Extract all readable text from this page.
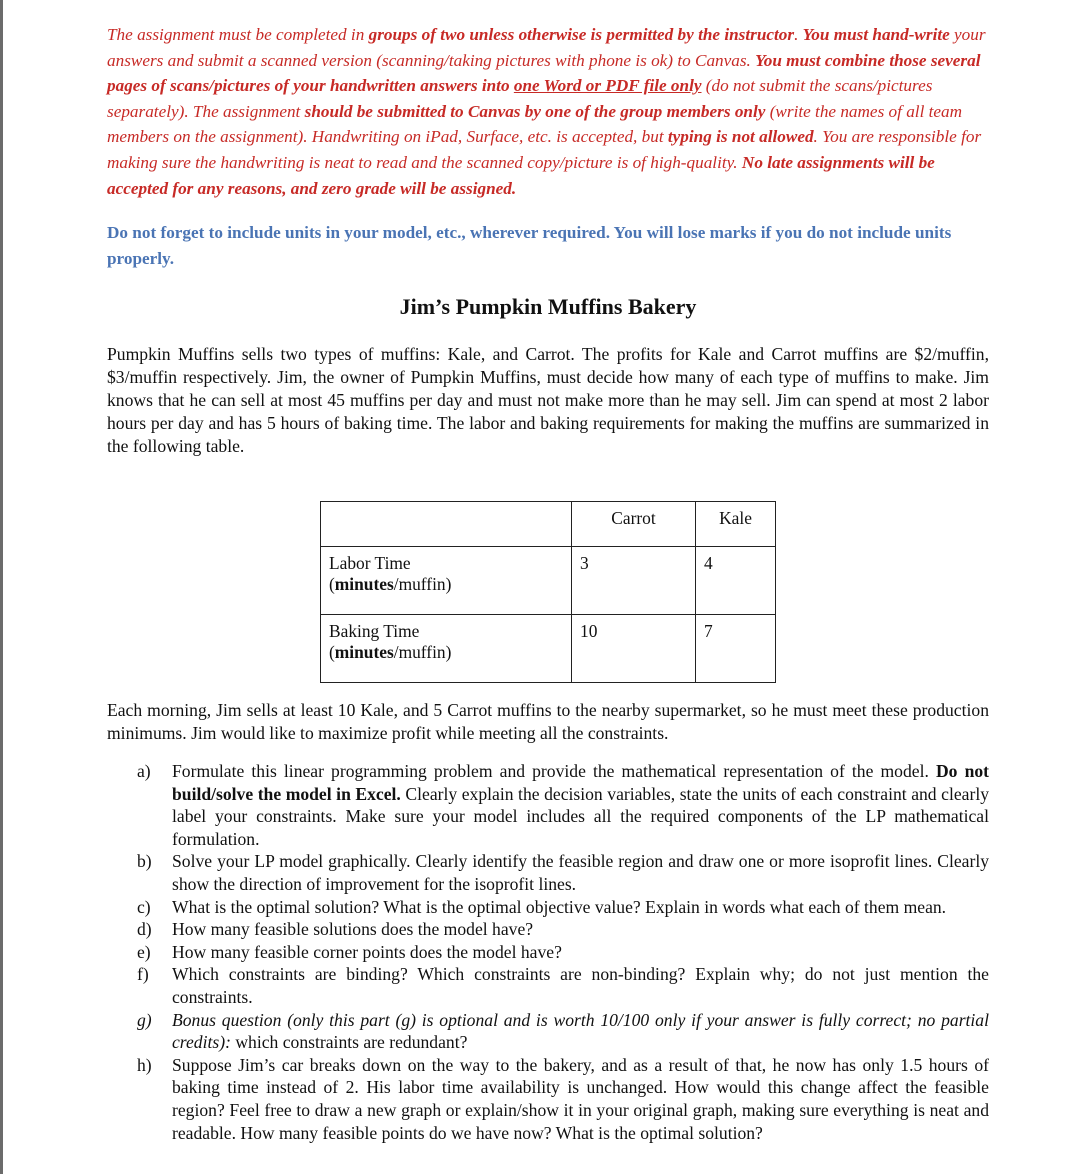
The assignment must be completed in groups of two unless otherwise is permitted by the instructor. You must hand-write your answers and submit a scanned version (scanning/taking pictures with phone is ok) to Canvas. You must combine those several pages of scans/pictures of your handwritten answers into one Word or PDF file only (do not submit the scans/pictures separately). The assignment should be submitted to Canvas by one of the group members only (write the names of all team members on the assignment). Handwriting on iPad, Surface, etc. is accepted, but typing is not allowed. You are responsible for making sure the handwriting is neat to read and the scanned copy/picture is of high-quality. No late assignments will be accepted for any reasons, and zero grade will be assigned.

Do not forget to include units in your model, etc., wherever required. You will lose marks if you do not include units properly.

Jim’s Pumpkin Muffins Bakery

Pumpkin Muffins sells two types of muffins: Kale, and Carrot. The profits for Kale and Carrot muffins are $2/muffin, $3/muffin respectively. Jim, the owner of Pumpkin Muffins, must decide how many of each type of muffins to make. Jim knows that he can sell at most 45 muffins per day and must not make more than he may sell. Jim can spend at most 2 labor hours per day and has 5 hours of baking time. The labor and baking requirements for making the muffins are summarized in the following table.

	Carrot	Kale
Labor Time
(minutes/muffin)	3	4
Baking Time
(minutes/muffin)	10	7

Each morning, Jim sells at least 10 Kale, and 5 Carrot muffins to the nearby supermarket, so he must meet these production minimums. Jim would like to maximize profit while meeting all the constraints.

a)	Formulate this linear programming problem and provide the mathematical representation of the model. Do not build/solve the model in Excel. Clearly explain the decision variables, state the units of each constraint and clearly label your constraints. Make sure your model includes all the required components of the LP mathematical formulation.
b)	Solve your LP model graphically. Clearly identify the feasible region and draw one or more isoprofit lines. Clearly show the direction of improvement for the isoprofit lines.
c)	What is the optimal solution? What is the optimal objective value? Explain in words what each of them mean.
d)	How many feasible solutions does the model have?
e)	How many feasible corner points does the model have?
f)	Which constraints are binding? Which constraints are non-binding? Explain why; do not just mention the constraints.
g)	Bonus question (only this part (g) is optional and is worth 10/100 only if your answer is fully correct; no partial credits): which constraints are redundant?
h)	Suppose Jim’s car breaks down on the way to the bakery, and as a result of that, he now has only 1.5 hours of baking time instead of 2. His labor time availability is unchanged. How would this change affect the feasible region? Feel free to draw a new graph or explain/show it in your original graph, making sure everything is neat and readable. How many feasible points do we have now? What is the optimal solution?
